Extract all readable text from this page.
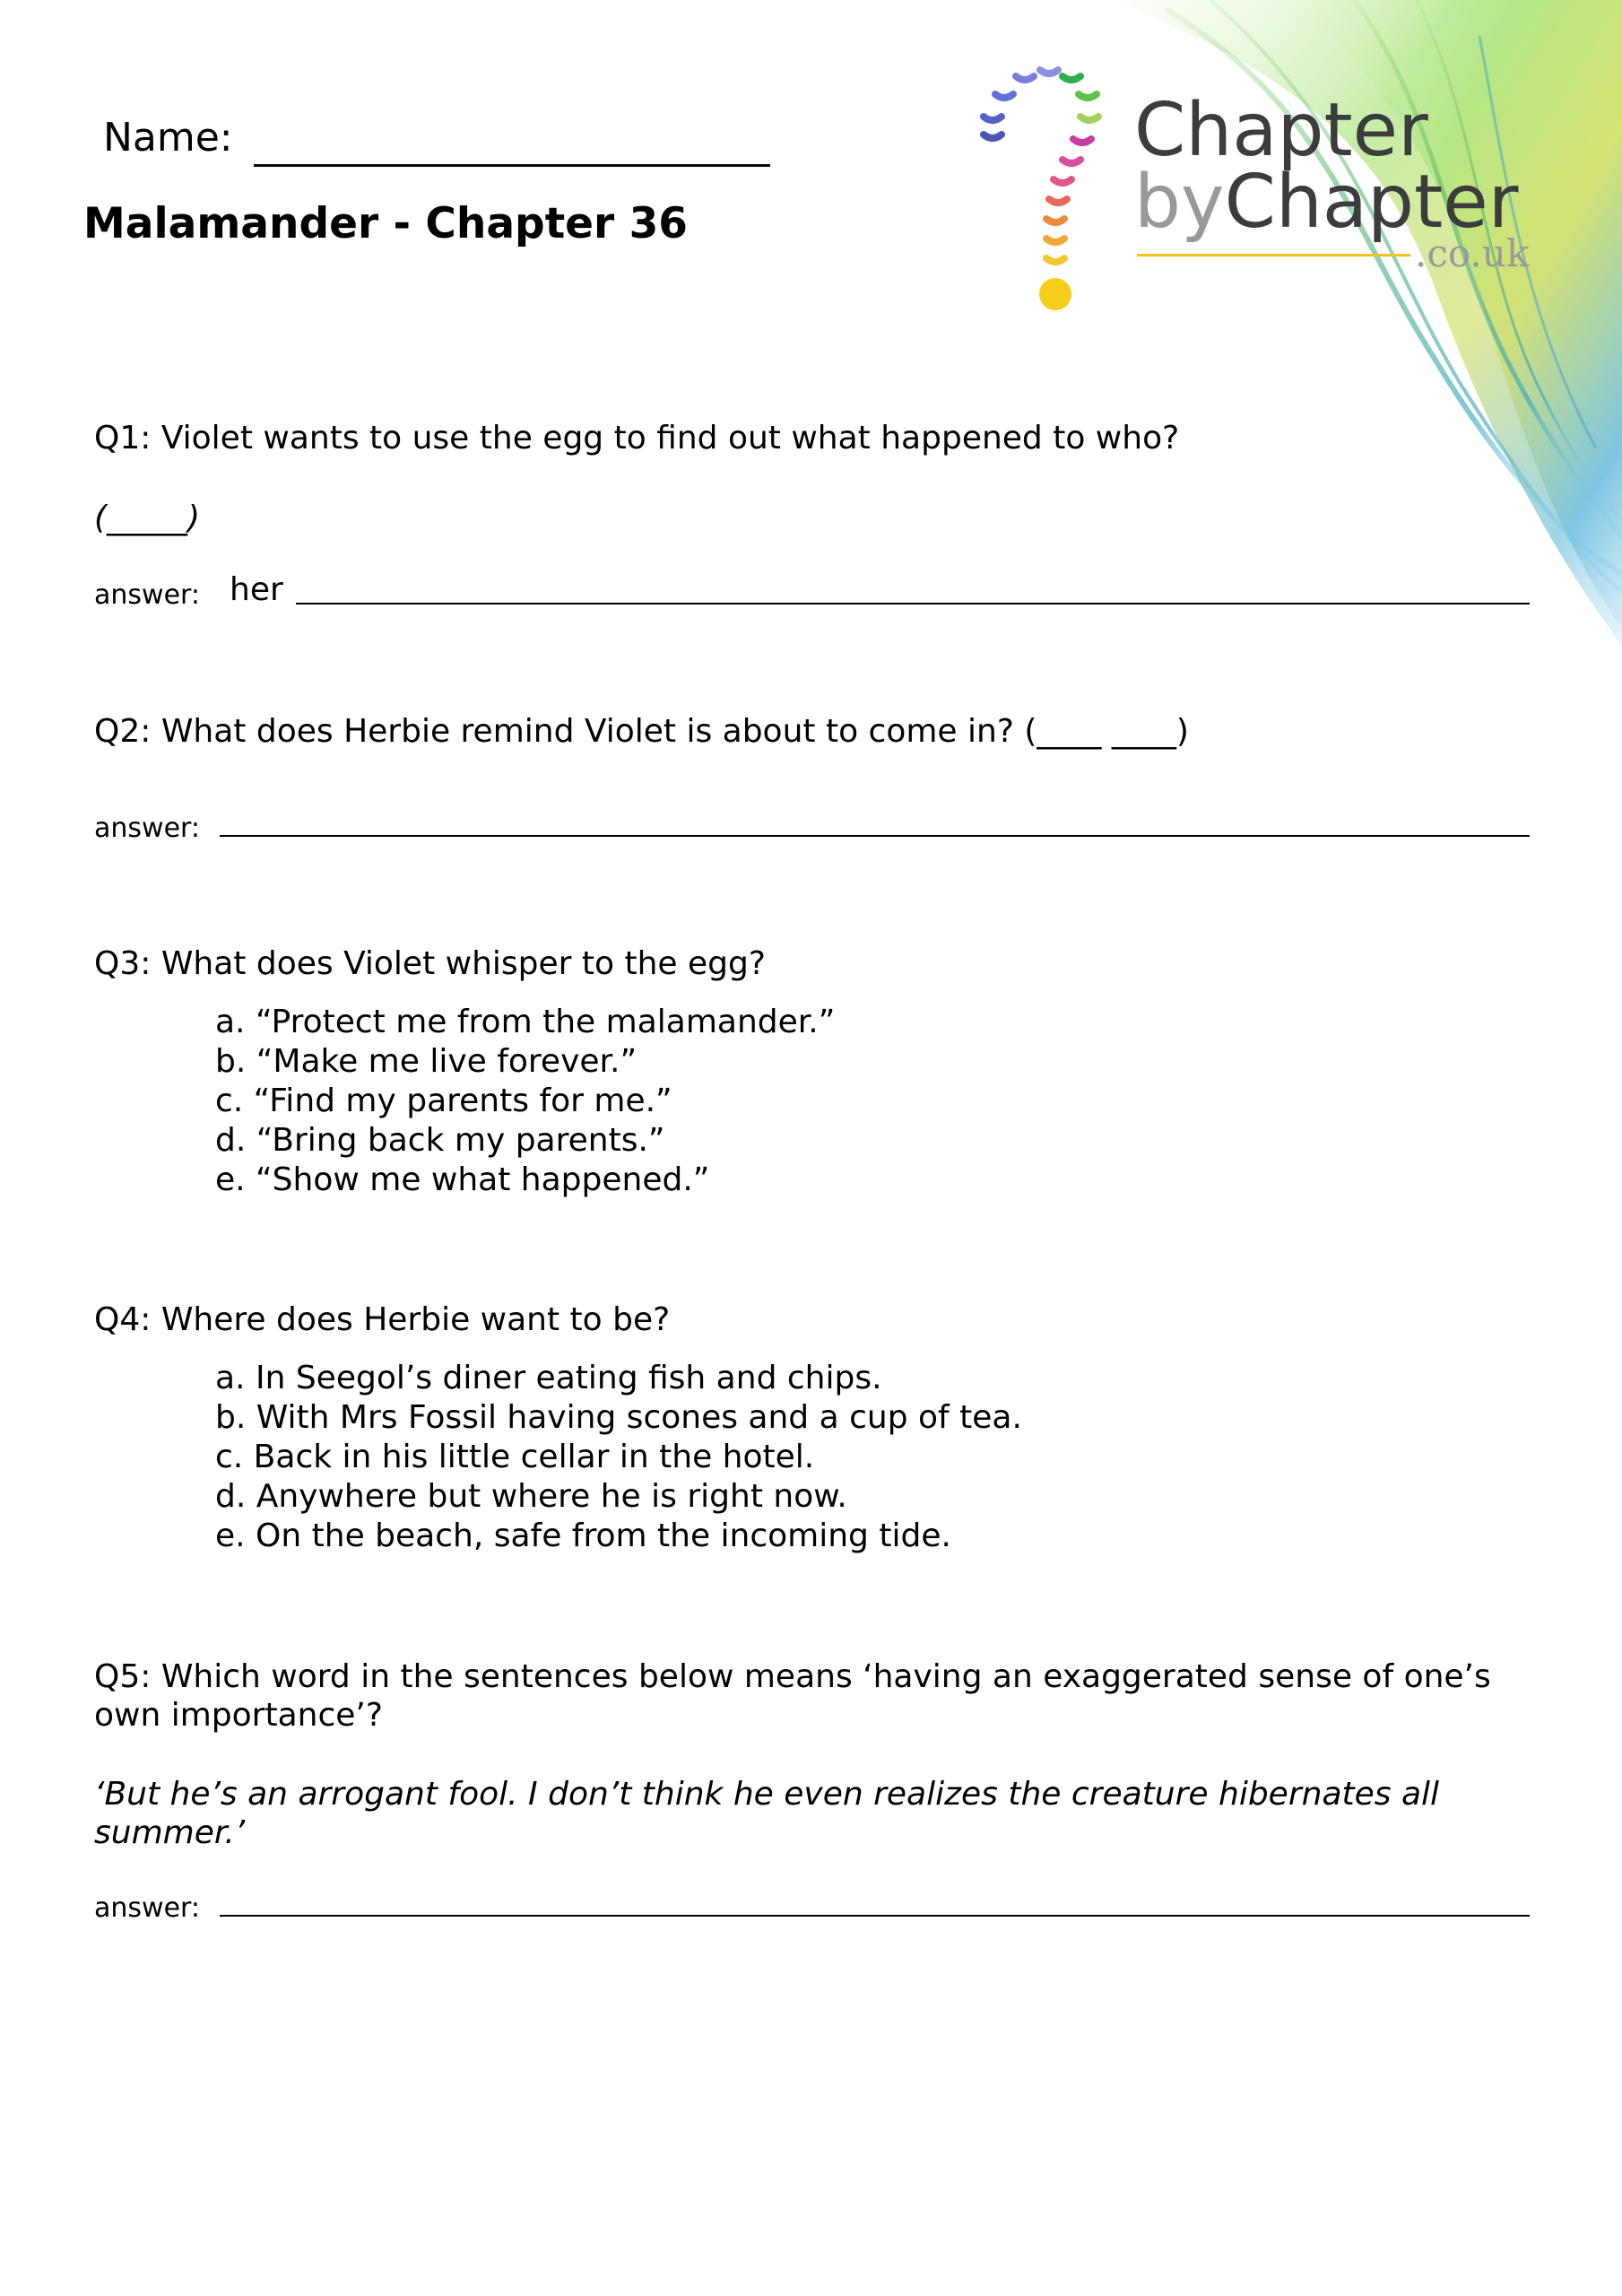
Name:
Malamander - Chapter 36
Chapter
byChapter
.co.uk
Q1: Violet wants to use the egg to find out what happened to who?
(_____)
answer: her
Q2: What does Herbie remind Violet is about to come in? (____ ____)
answer:
Q3: What does Violet whisper to the egg?
a. “Protect me from the malamander.”
b. “Make me live forever.”
c. “Find my parents for me.”
d. “Bring back my parents.”
e. “Show me what happened.”
Q4: Where does Herbie want to be?
a. In Seegol’s diner eating fish and chips.
b. With Mrs Fossil having scones and a cup of tea.
c. Back in his little cellar in the hotel.
d. Anywhere but where he is right now.
e. On the beach, safe from the incoming tide.
Q5: Which word in the sentences below means ‘having an exaggerated sense of one’s
own importance’?
‘But he’s an arrogant fool. I don’t think he even realizes the creature hibernates all
summer.’
answer:
